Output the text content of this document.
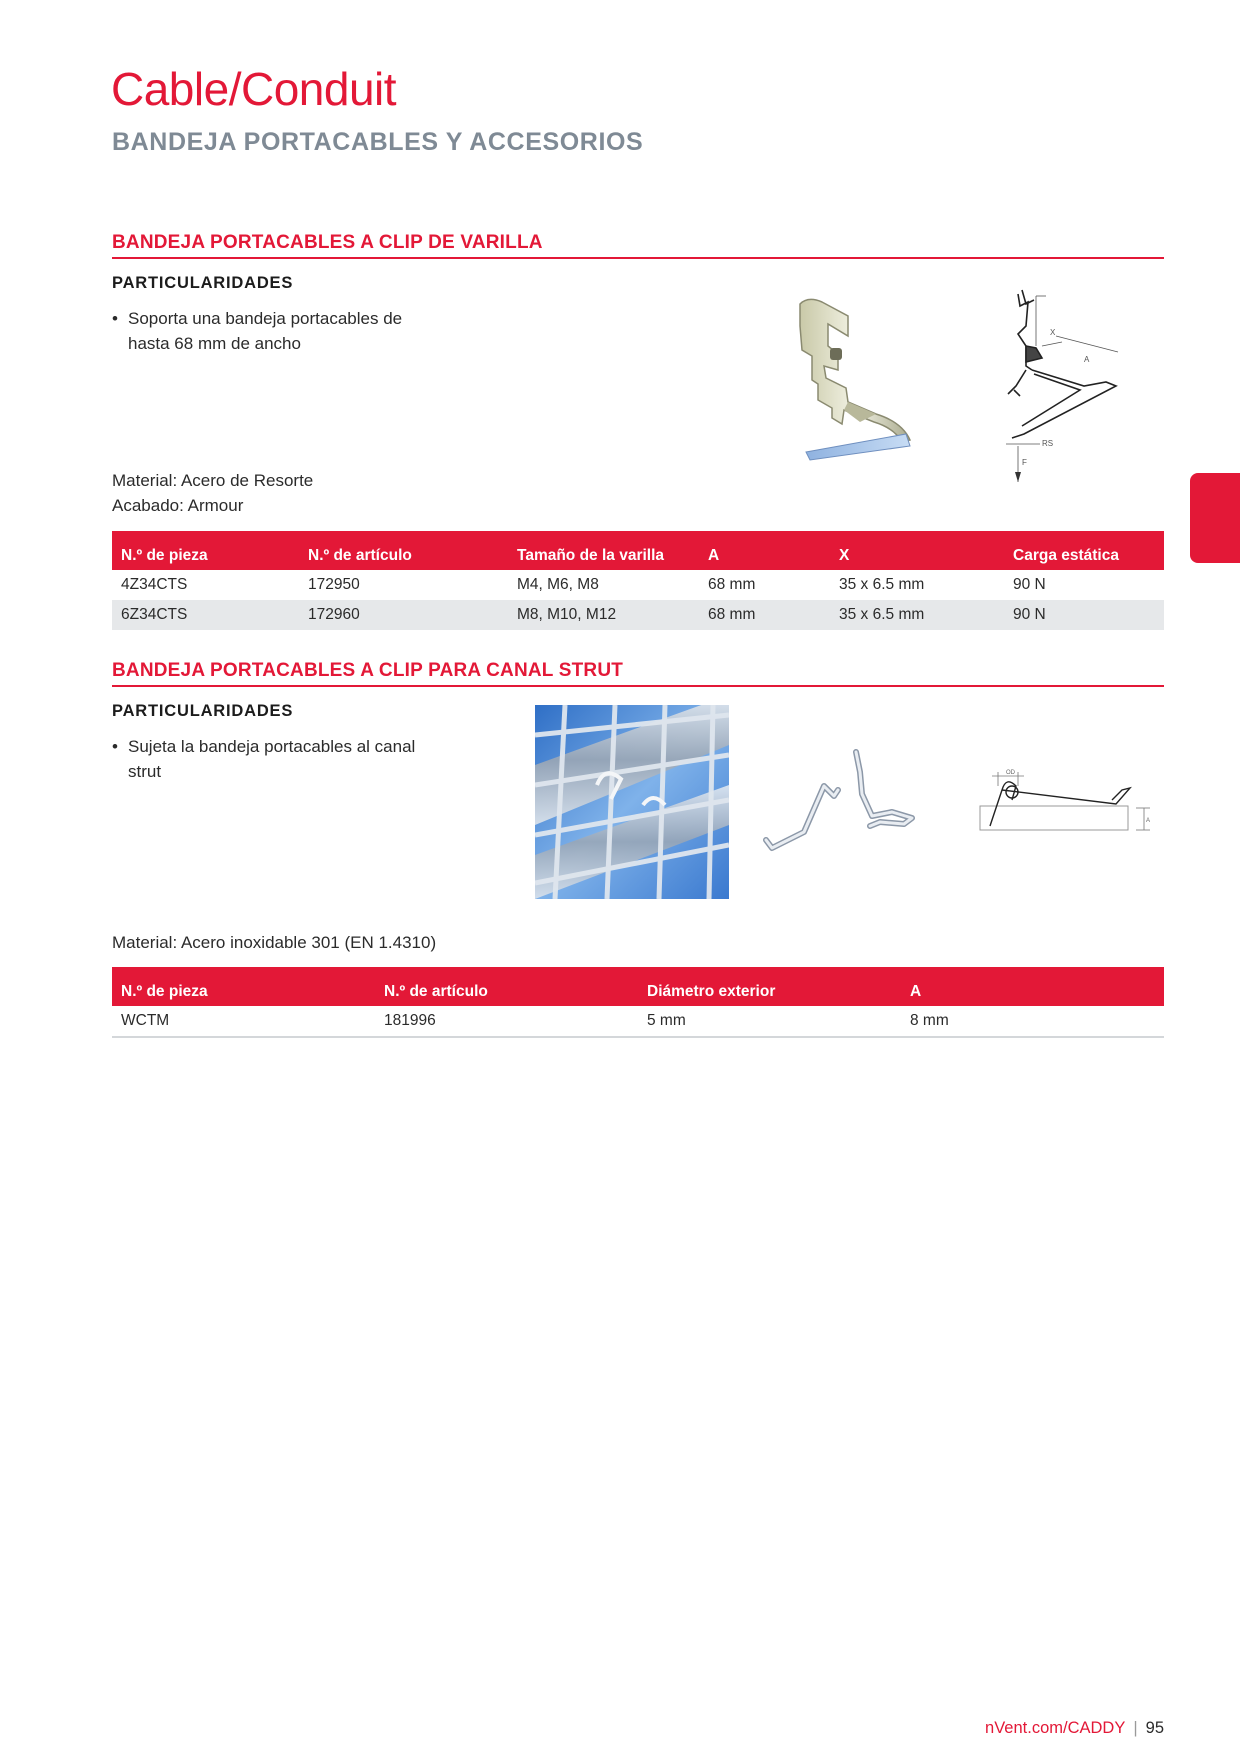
Cable/Conduit
BANDEJA PORTACABLES Y ACCESORIOS
BANDEJA PORTACABLES A CLIP DE VARILLA
PARTICULARIDADES
• Soporta una bandeja portacables de hasta 68 mm de ancho
X
A
RS
F
Material: Acero de Resorte
Acabado: Armour
N.º de pieza	N.º de artículo	Tamaño de la varilla	A	X	Carga estática
4Z34CTS	172950	M4, M6, M8	68 mm	35 x 6.5 mm	90 N
6Z34CTS	172960	M8, M10, M12	68 mm	35 x 6.5 mm	90 N
BANDEJA PORTACABLES A CLIP PARA CANAL STRUT
PARTICULARIDADES
• Sujeta la bandeja portacables al canal strut	OD
A
Material: Acero inoxidable 301 (EN 1.4310)
N.º de pieza	N.º de artículo	Diámetro exterior	A
WCTM	181996	5 mm	8 mm
nVent.com/CADDY | 95
